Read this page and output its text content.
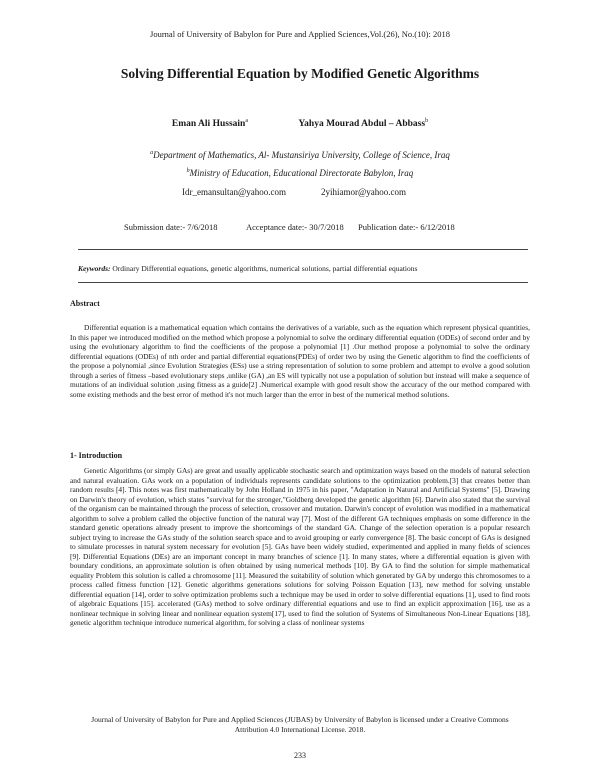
Journal of University of Babylon for Pure and Applied Sciences,Vol.(26), No.(10): 2018
Solving Differential Equation by Modified Genetic Algorithms
Eman Ali Hussain$^a$	Yahya Mourad Abdul – Abbass$^b$
$^a$Department of Mathematics, Al- Mustansiriya University, College of Science, Iraq
$^b$Ministry of Education, Educational Directorate Babylon, Iraq
Idr_emansultan@yahoo.com	2yihiamor@yahoo.com
Submission date:- 7/6/2018	Acceptance date:- 30/7/2018 Publication date:- 6/12/2018
Keywords: Ordinary Differential equations, genetic algorithms, numerical solutions, partial differential equations
Abstract
Differential equation is a mathematical equation which contains the derivatives of a variable, such as the equation which represent physical quantities, In this paper we introduced modified on the method which propose a polynomial to solve the ordinary differential equation (ODEs) of second order and by using the evolutionary algorithm to find the coefficients of the propose a polynomial [1] .Our method propose a polynomial to solve the ordinary differential equations (ODEs) of nth order and partial differential equations(PDEs) of order two by using the Genetic algorithm to find the coefficients of the propose a polynomial ,since Evolution Strategies (ESs) use a string representation of solution to some problem and attempt to evolve a good solution through a series of fitness –based evolutionary steps ,unlike (GA) ,an ES will typically not use a population of solution but instead will make a sequence of mutations of an individual solution ,using fitness as a guide[2] .Numerical example with good result show the accuracy of the our method compared with some existing methods and the best error of method it's not much larger than the error in best of the numerical method solutions.
1- Introduction
Genetic Algorithms (or simply GAs) are great and usually applicable stochastic search and optimization ways based on the models of natural selection and natural evaluation. GAs work on a population of individuals represents candidate solutions to the optimization problem.[3] that creates better than random results [4]. This notes was first mathematically by John Holland in 1975 in his paper, "Adaptation in Natural and Artificial Systems" [5]. Drawing on Darwin's theory of evolution, which states "survival for the stronger,"Goldberg developed the genetic algorithm [6]. Darwin also stated that the survival of the organism can be maintained through the process of selection, crossover and mutation. Darwin's concept of evolution was modified in a mathematical algorithm to solve a problem called the objective function of the natural way [7]. Most of the different GA techniques emphasis on some difference in the standard genetic operations already present to improve the shortcomings of the standard GA. Change of the selection operation is a popular research subject trying to increase the GAs study of the solution search space and to avoid grouping or early convergence [8]. The basic concept of GAs is designed to simulate processes in natural system necessary for evolution [5]. GAs have been widely studied, experimented and applied in many fields of sciences [9]. Differential Equations (DEs) are an important concept in many branches of science [1]. In many states, where a differential equation is given with boundary conditions, an approximate solution is often obtained by using numerical methods [10]. By GA to find the solution for simple mathematical equality Problem this solution is called a chromosome [11]. Measured the suitability of solution which generated by GA by undergo this chromosomes to a process called fitness function [12]. Genetic algorithms generations solutions for solving Poisson Equation [13], new method for solving unstable differential equation [14], order to solve optimization problems such a technique may be used in order to solve differential equations [1], used to find roots of algebraic Equations [15]. accelerated (GAs) method to solve ordinary differential equations and use to find an explicit approximation [16], use as a nonlinear technique in solving linear and nonlinear equation system[17], used to find the solution of Systems of Simultaneous Non-Linear Equations [18], genetic algorithm technique introduce numerical algorithm, for solving a class of nonlinear systems
Journal of University of Babylon for Pure and Applied Sciences (JUBAS) by University of Babylon is licensed under a Creative Commons Attribution 4.0 International License. 2018.
233
